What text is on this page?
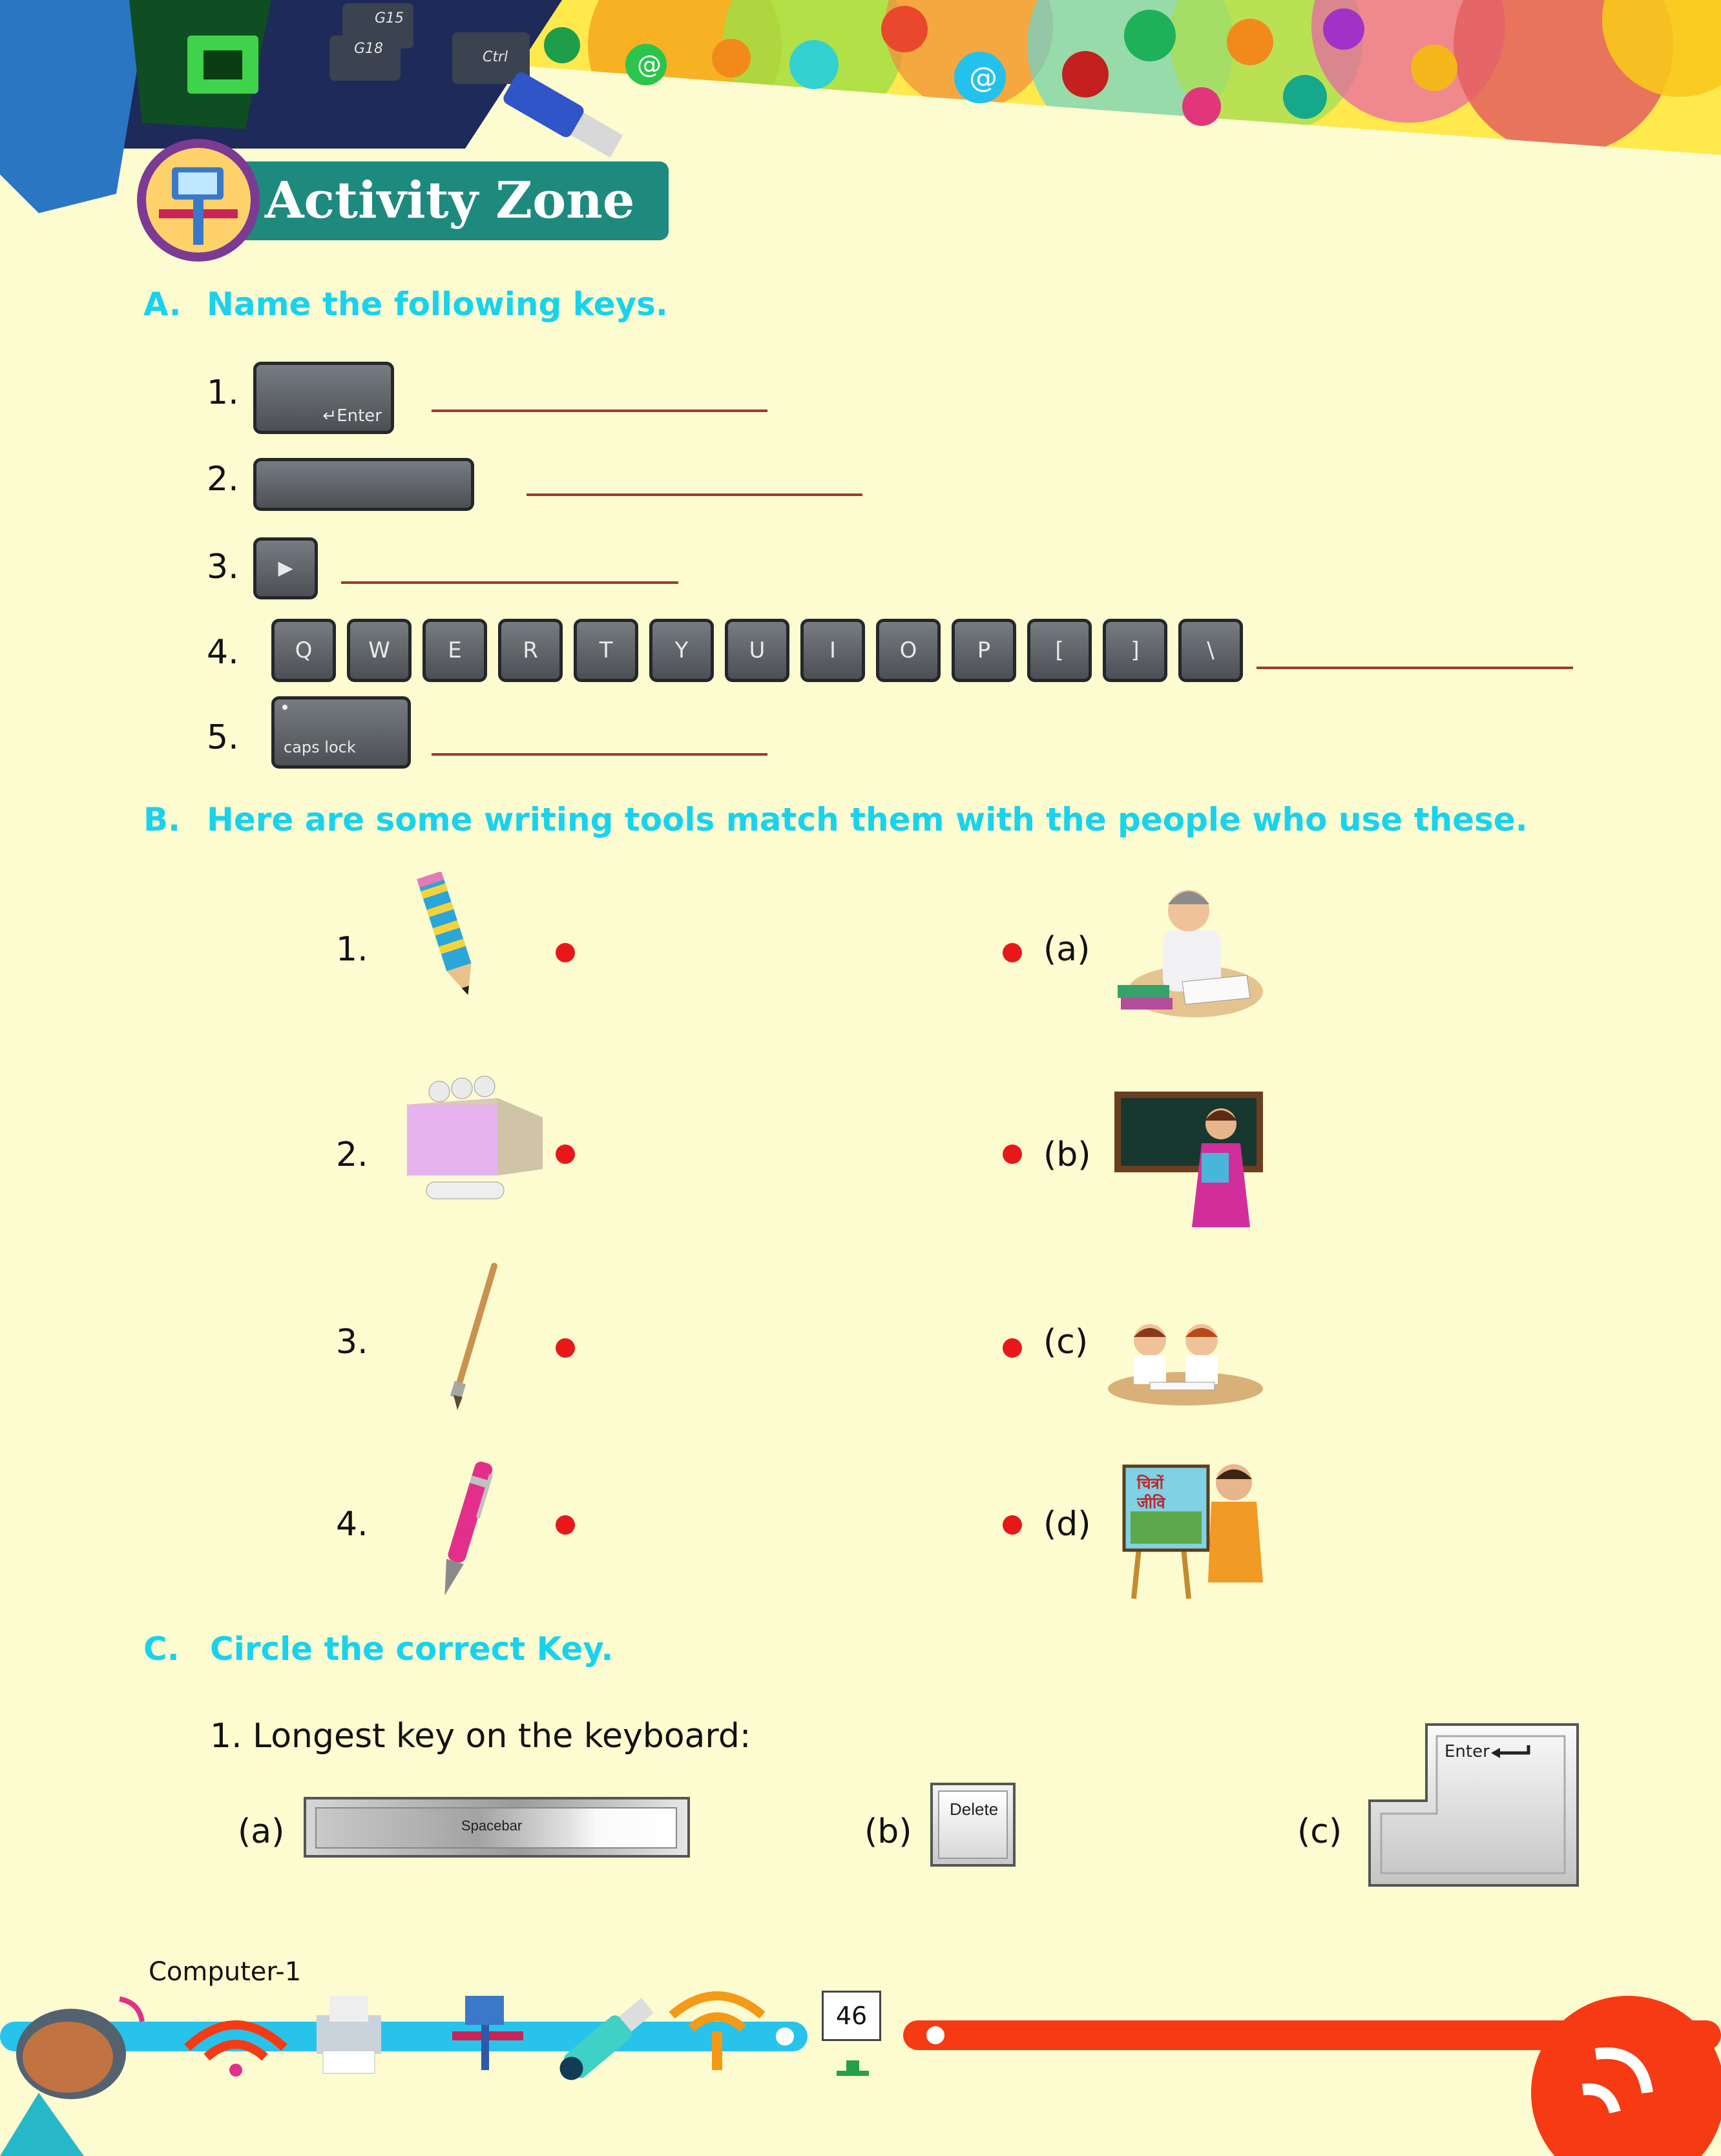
G15
G18
Ctrl	@	@
Activity Zone
A. Name the following keys.
1.
↵Enter
2.
3.	▶
4.	Q	W	E	R	T	Y	U	I	O	P	[	]	\
5.	caps lock
B. Here are some writing tools match them with the people who use these.
1.
2.
3.
4.
(a)
(b)
(c)
(d)
चित्रों
जीवि
C. Circle the correct Key.
1. Longest key on the keyboard:
(a)	Spacebar	(b)
Delete
(c)
Enter
Computer-1
46
